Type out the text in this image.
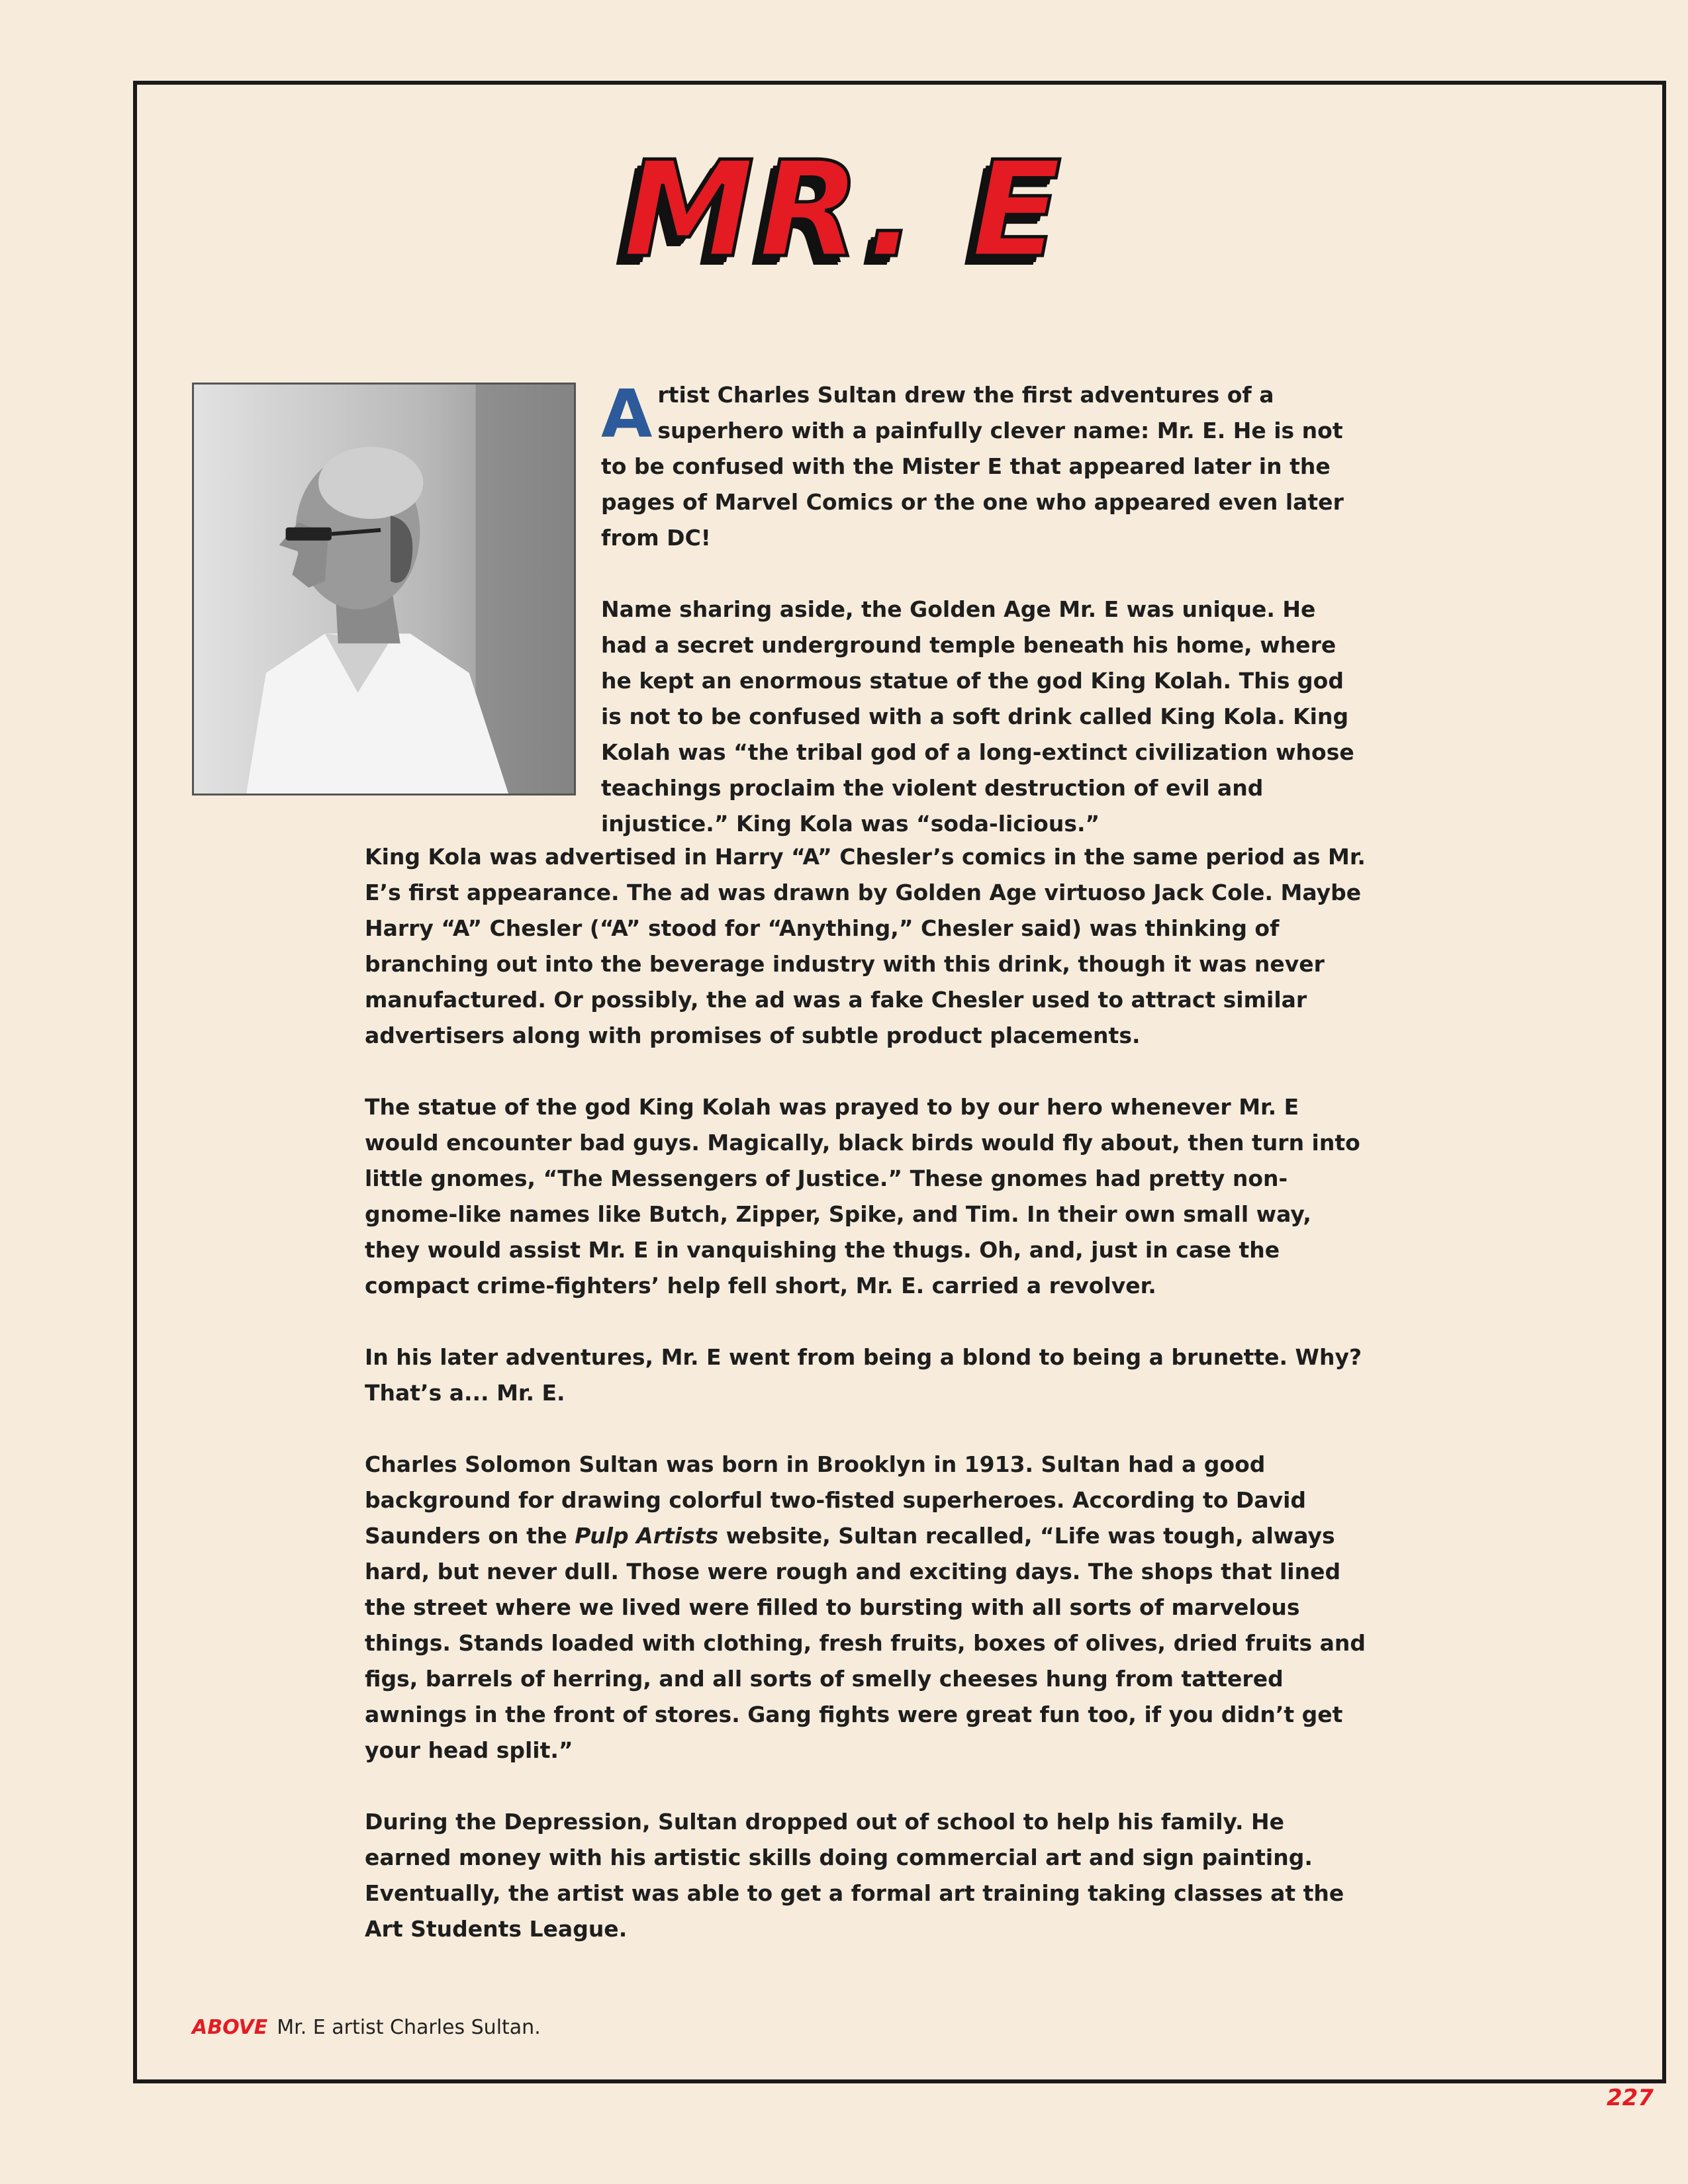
MR. E

Artist Charles Sultan drew the first adventures of a superhero with a painfully clever name: Mr. E. He is not to be confused with the Mister E that appeared later in the pages of Marvel Comics or the one who appeared even later from DC!

Name sharing aside, the Golden Age Mr. E was unique. He had a secret underground temple beneath his home, where he kept an enormous statue of the god King Kolah. This god is not to be confused with a soft drink called King Kola. King Kolah was “the tribal god of a long-extinct civilization whose teachings proclaim the violent destruction of evil and injustice.” King Kola was “soda-licious.”

King Kola was advertised in Harry “A” Chesler’s comics in the same period as Mr. E’s first appearance. The ad was drawn by Golden Age virtuoso Jack Cole. Maybe Harry “A” Chesler (“A” stood for “Anything,” Chesler said) was thinking of branching out into the beverage industry with this drink, though it was never manufactured. Or possibly, the ad was a fake Chesler used to attract similar advertisers along with promises of subtle product placements.

The statue of the god King Kolah was prayed to by our hero whenever Mr. E would encounter bad guys. Magically, black birds would fly about, then turn into little gnomes, “The Messengers of Justice.” These gnomes had pretty non-gnome-like names like Butch, Zipper, Spike, and Tim. In their own small way, they would assist Mr. E in vanquishing the thugs. Oh, and, just in case the compact crime-fighters’ help fell short, Mr. E. carried a revolver.

In his later adventures, Mr. E went from being a blond to being a brunette. Why? That’s a... Mr. E.

Charles Solomon Sultan was born in Brooklyn in 1913. Sultan had a good background for drawing colorful two-fisted superheroes. According to David Saunders on the Pulp Artists website, Sultan recalled, “Life was tough, always hard, but never dull. Those were rough and exciting days. The shops that lined the street where we lived were filled to bursting with all sorts of marvelous things. Stands loaded with clothing, fresh fruits, boxes of olives, dried fruits and figs, barrels of herring, and all sorts of smelly cheeses hung from tattered awnings in the front of stores. Gang fights were great fun too, if you didn’t get your head split.”

During the Depression, Sultan dropped out of school to help his family. He earned money with his artistic skills doing commercial art and sign painting. Eventually, the artist was able to get a formal art training taking classes at the Art Students League.

ABOVE Mr. E artist Charles Sultan.
227
